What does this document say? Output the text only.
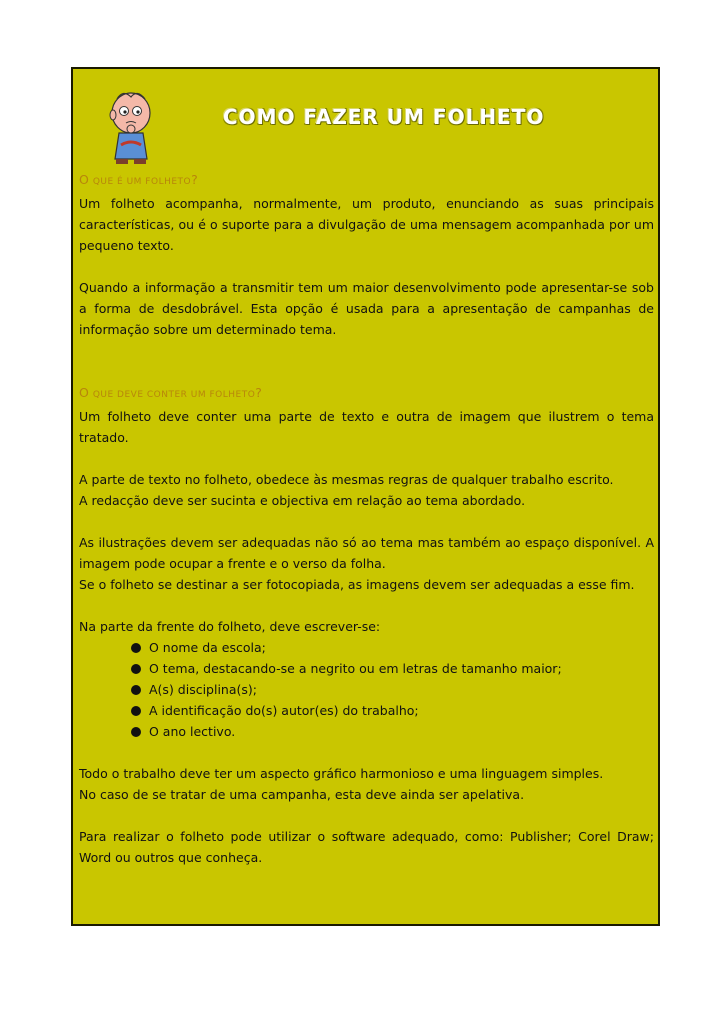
COMO FAZER UM FOLHETO
O QUE É UM FOLHETO?

Um folheto acompanha, normalmente, um produto, enunciando as suas principais características, ou é o suporte para a divulgação de uma mensagem acompanhada por um pequeno texto.

Quando a informação a transmitir tem um maior desenvolvimento pode apresentar-se sob a forma de desdobrável. Esta opção é usada para a apresentação de campanhas de informação sobre um determinado tema.

O QUE DEVE CONTER UM FOLHETO?

Um folheto deve conter uma parte de texto e outra de imagem que ilustrem o tema tratado.

A parte de texto no folheto, obedece às mesmas regras de qualquer trabalho escrito.

A redacção deve ser sucinta e objectiva em relação ao tema abordado.

As ilustrações devem ser adequadas não só ao tema mas também ao espaço disponível. A imagem pode ocupar a frente e o verso da folha.

Se o folheto se destinar a ser fotocopiada, as imagens devem ser adequadas a esse fim.

Na parte da frente do folheto, deve escrever-se:

O nome da escola;
O tema, destacando-se a negrito ou em letras de tamanho maior;
A(s) disciplina(s);
A identificação do(s) autor(es) do trabalho;
O ano lectivo.

Todo o trabalho deve ter um aspecto gráfico harmonioso e uma linguagem simples.

No caso de se tratar de uma campanha, esta deve ainda ser apelativa.

Para realizar o folheto pode utilizar o software adequado, como: Publisher; Corel Draw; Word ou outros que conheça.
